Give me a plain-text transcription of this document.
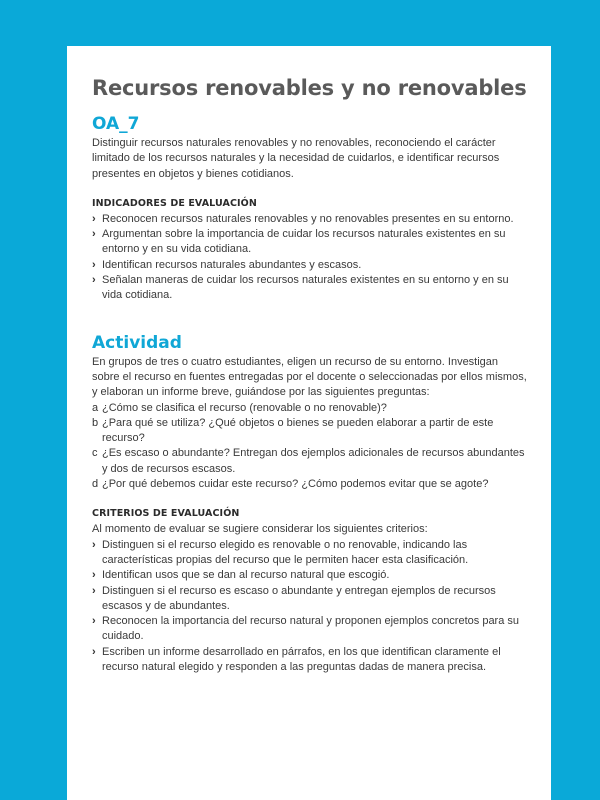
Recursos renovables y no renovables
OA_7

Distinguir recursos naturales renovables y no renovables, reconociendo el carácter limitado de los recursos naturales y la necesidad de cuidarlos, e identificar recursos presentes en objetos y bienes cotidianos.

INDICADORES DE EVALUACIÓN
› Reconocen recursos naturales renovables y no renovables presentes en su entorno.
› Argumentan sobre la importancia de cuidar los recursos naturales existentes en su entorno y en su vida cotidiana.
› Identifican recursos naturales abundantes y escasos.
› Señalan maneras de cuidar los recursos naturales existentes en su entorno y en su vida cotidiana.
Actividad

En grupos de tres o cuatro estudiantes, eligen un recurso de su entorno. Investigan sobre el recurso en fuentes entregadas por el docente o seleccionadas por ellos mismos, y elaboran un informe breve, guiándose por las siguientes preguntas:

a ¿Cómo se clasifica el recurso (renovable o no renovable)?
b ¿Para qué se utiliza? ¿Qué objetos o bienes se pueden elaborar a partir de este recurso?
c ¿Es escaso o abundante? Entregan dos ejemplos adicionales de recursos abundantes y dos de recursos escasos.
d ¿Por qué debemos cuidar este recurso? ¿Cómo podemos evitar que se agote?
CRITERIOS DE EVALUACIÓN

Al momento de evaluar se sugiere considerar los siguientes criterios:

› Distinguen si el recurso elegido es renovable o no renovable, indicando las características propias del recurso que le permiten hacer esta clasificación.
› Identifican usos que se dan al recurso natural que escogió.
› Distinguen si el recurso es escaso o abundante y entregan ejemplos de recursos escasos y de abundantes.
› Reconocen la importancia del recurso natural y proponen ejemplos concretos para su cuidado.
› Escriben un informe desarrollado en párrafos, en los que identifican claramente el recurso natural elegido y responden a las preguntas dadas de manera precisa.
